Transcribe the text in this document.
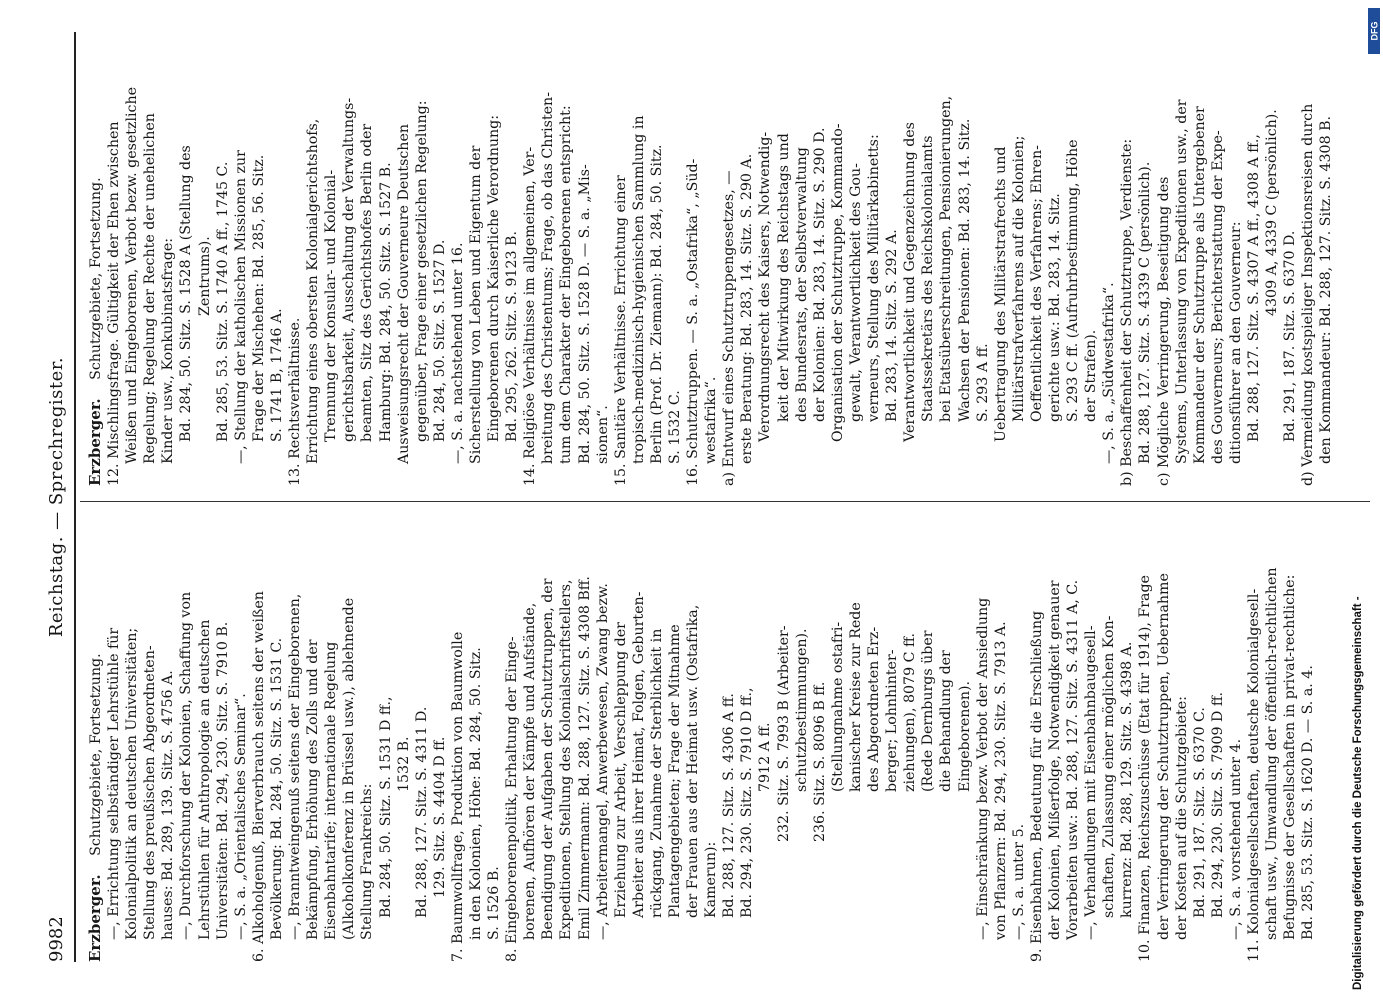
9982
Reichstag. — Sprechregister.
Erzberger. Schutzgebiete, Fortsetzung. —, Errichtung selbständiger Lehrstühle für Kolonialpolitik an deutschen Universitäten; Stellung des preußischen Abgeordneten- hauses: Bd. 289, 139. Sitz. S. 4756 A. —, Durchforschung der Kolonien, Schaffung von Lehrstühlen für Anthropologie an deutschen Universitäten: Bd. 294, 230. Sitz. S. 7910 B. —, S. a. „Orientalisches Seminar“. 6. Alkoholgenuß, Bierverbrauch seitens der weißen Bevölkerung: Bd. 284, 50. Sitz. S. 1531 C. —, Branntweingenuß seitens der Eingeborenen, Bekämpfung, Erhöhung des Zolls und der Eisenbahntarife; internationale Regelung (Alkoholkonferenz in Brüssel usw.), ablehnende Stellung Frankreichs: Bd. 284, 50. Sitz. S. 1531 D ff., 1532 B. Bd. 288, 127. Sitz. S. 4311 D. 129. Sitz. S. 4404 D ff. 7. Baumwollfrage, Produktion von Baumwolle in den Kolonien, Höhe: Bd. 284, 50. Sitz. S. 1526 B. 8. Eingeborenenpolitik, Erhaltung der Einge- borenen, Aufhören der Kämpfe und Aufstände, Beendigung der Aufgaben der Schutztruppen, der Expeditionen, Stellung des Kolonialschriftstellers, Emil Zimmermann: Bd. 288, 127. Sitz. S. 4308 Bff. —, Arbeitermangel, Anwerbewesen, Zwang bezw. Erziehung zur Arbeit, Verschleppung der Arbeiter aus ihrer Heimat, Folgen, Geburten- rückgang, Zunahme der Sterblichkeit in Plantagengebieten; Frage der Mitnahme der Frauen aus der Heimat usw. (Ostafrika, Kamerun): Bd. 288, 127. Sitz. S. 4306 A ff. Bd. 294, 230. Sitz. S. 7910 D ff., 7912 A ff. 232. Sitz. S. 7993 B (Arbeiter- schutzbestimmungen). 236. Sitz. S. 8096 B ff. (Stellungnahme ostafri- kanischer Kreise zur Rede des Abgeordneten Erz- berger; Lohnhinter- ziehungen), 8079 C ff. (Rede Dernburgs über die Behandlung der Eingeborenen). —, Einschränkung bezw. Verbot der Ansiedlung von Pflanzern: Bd. 294, 230. Sitz. S. 7913 A. —, S. a. unter 5. 9. Eisenbahnen, Bedeutung für die Erschließung der Kolonien, Mißerfolge, Notwendigkeit genauer Vorarbeiten usw.: Bd. 288, 127. Sitz. S. 4311 A, C. —, Verhandlungen mit Eisenbahnbaugesell- schaften, Zulassung einer möglichen Kon- kurrenz: Bd. 288, 129. Sitz. S. 4398 A. 10. Finanzen, Reichszuschüsse (Etat für 1914), Frage der Verringerung der Schutztruppen, Uebernahme der Kosten auf die Schutzgebiete: Bd. 291, 187. Sitz. S. 6370 C. Bd. 294, 230. Sitz. S. 7909 D ff. —, S. a. vorstehend unter 4. 11. Kolonialgesellschaften, deutsche Kolonialgesell- schaft usw., Umwandlung der öffentlich-rechtlichen Befugnisse der Gesellschaften in privat-rechtliche: Bd. 285, 53. Sitz. S. 1620 D. — S. a. 4.
Erzberger. Schutzgebiete, Fortsetzung. 12. Mischlingsfrage. Gültigkeit der Ehen zwischen Weißen und Eingeborenen, Verbot bezw. gesetzliche Regelung; Regelung der Rechte der unehelichen Kinder usw., Konkubinatsfrage: Bd. 284, 50. Sitz. S. 1528 A (Stellung des Zentrums). Bd. 285, 53. Sitz. S. 1740 A ff., 1745 C. —, Stellung der katholischen Missionen zur Frage der Mischehen: Bd. 285, 56. Sitz. S. 1741 B, 1746 A. 13. Rechtsverhältnisse. Errichtung eines obersten Kolonialgerichtshofs, Trennung der Konsular- und Kolonial- gerichtsbarkeit, Ausschaltung der Verwaltungs- beamten, Sitz des Gerichtshofes Berlin oder Hamburg: Bd. 284, 50. Sitz. S. 1527 B. Ausweisungsrecht der Gouverneure Deutschen gegenüber, Frage einer gesetzlichen Regelung: Bd. 284, 50. Sitz. S. 1527 D. —, S. a. nachstehend unter 16. Sicherstellung von Leben und Eigentum der Eingeborenen durch Kaiserliche Verordnung: Bd. 295, 262. Sitz. S. 9123 B. 14. Religiöse Verhältnisse im allgemeinen, Ver- breitung des Christentums; Frage, ob das Christen- tum dem Charakter der Eingeborenen entspricht: Bd. 284, 50. Sitz. S. 1528 D. — S. a. „Mis- sionen“. 15. Sanitäre Verhältnisse. Errichtung einer tropisch-medizinisch-hygienischen Sammlung in Berlin (Prof. Dr. Ziemann): Bd. 284, 50. Sitz. S. 1532 C. 16. Schutztruppen. — S. a. „Ostafrika“, „Süd- westafrika“. a) Entwurf eines Schutztruppengesetzes, — erste Beratung: Bd. 283, 14. Sitz. S. 290 A. Verordnungsrecht des Kaisers, Notwendig- keit der Mitwirkung des Reichstags und des Bundesrats, der Selbstverwaltung der Kolonien: Bd. 283, 14. Sitz. S. 290 D. Organisation der Schutztruppe, Kommando- gewalt, Verantwortlichkeit des Gou- verneurs, Stellung des Militärkabinetts: Bd. 283, 14. Sitz. S. 292 A. Verantwortlichkeit und Gegenzeichnung des Staatssekretärs des Reichskolonialamts bei Etatsüberschreitungen, Pensionierungen, Wachsen der Pensionen: Bd. 283, 14. Sitz. S. 293 A ff. Uebertragung des Militärstrafrechts und Militärstrafverfahrens auf die Kolonien; Oeffentlichkeit des Verfahrens; Ehren- gerichte usw.: Bd. 283, 14. Sitz. S. 293 C ff. (Aufruhrbestimmung, Höhe der Strafen). —, S. a. „Südwestafrika“. b) Beschaffenheit der Schutztruppe, Verdienste: Bd. 288, 127. Sitz. S. 4339 C (persönlich). c) Mögliche Verringerung, Beseitigung des Systems, Unterlassung von Expeditionen usw., der Kommandeur der Schutztruppe als Untergebener des Gouverneurs; Berichterstattung der Expe- ditionsführer an den Gouverneur: Bd. 288, 127. Sitz. S. 4307 A ff., 4308 A ff., 4309 A, 4339 C (persönlich).
Bd. 291, 187. Sitz. S. 6370 D. d) Vermeidung kostspieliger Inspektionsreisen durch den Kommandeur: Bd. 288, 127. Sitz. S. 4308 B.
Digitalisierung gefördert durch die Deutsche Forschungsgemeinschaft -
DFG
